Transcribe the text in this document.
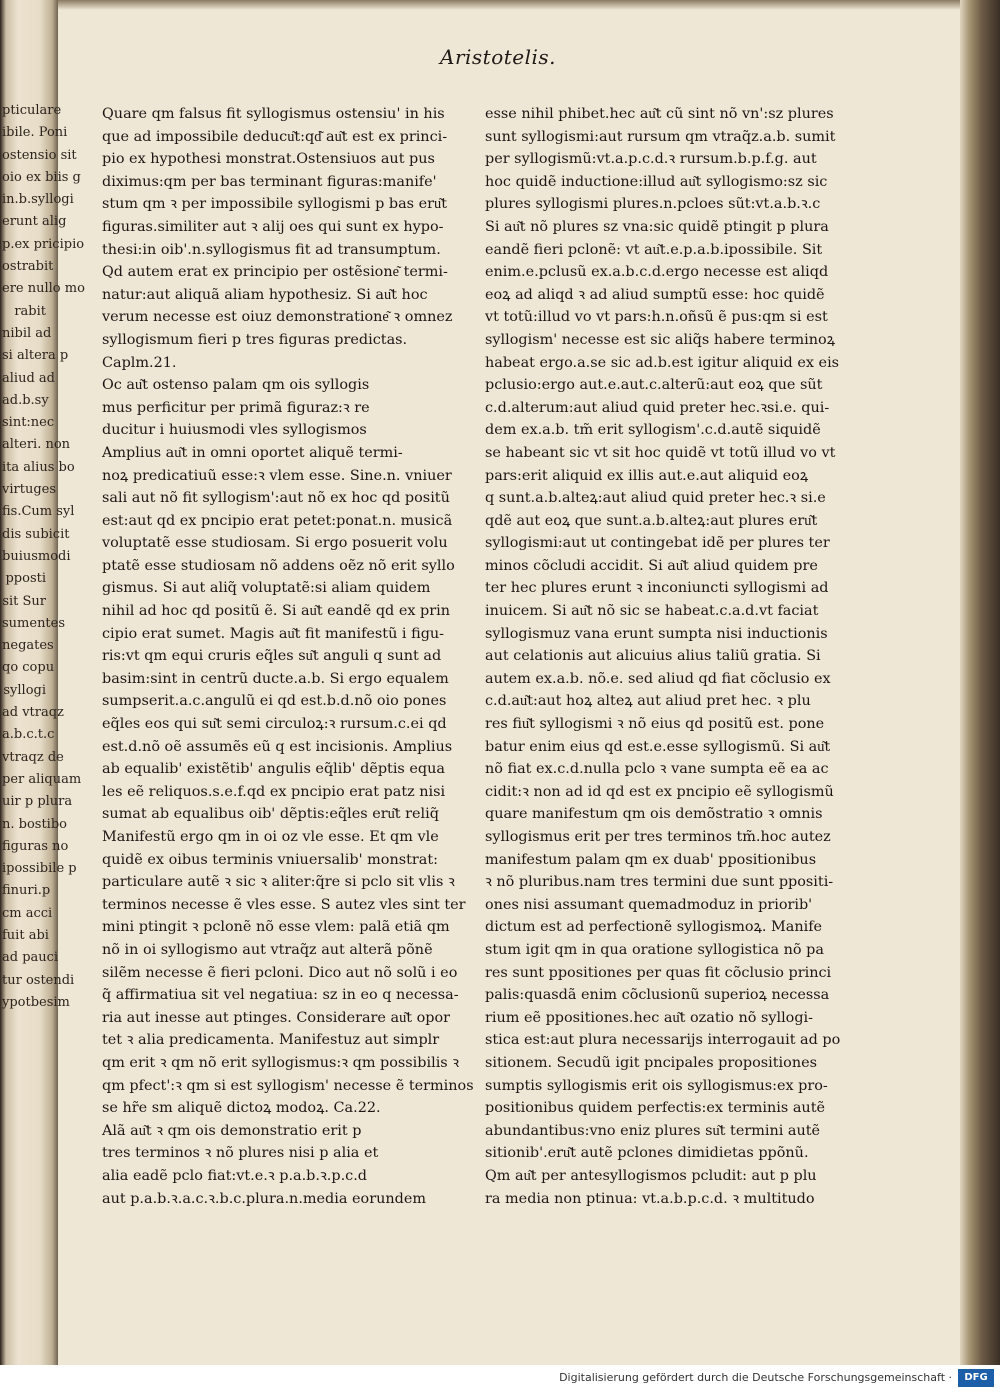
pticulare
ibile. Poni
ostensio sit
oio ex biis g
in.b.syllogi
erunt alig
p.ex pricipio
ostrabit
ere nullo mo
rabit
nibil ad
si altera p
aliud ad
ad.b.sy
sint:nec
alteri. non
ita alius bo
virtuges
fis.Cum syl
dis subicit
buiusmodi
pposti
sit Sur
sumentes
negates
qo copu
syllogi
ad vtraqz
a.b.c.t.c
vtraqz de
per aliquam
uir p plura
n. bostibo
figuras no
ipossibile p
finuri.p
cm acci
fuit abi
ad pauci
tur ostendi
ypotbesim
Aristotelis.
Quare qm falsus fit syllogismus ostensiu' in his
que ad impossibile deducu͂t:qd͂ au͂t est ex princi-
pio ex hypothesi monstrat.Ostensiuos aut pus
diximus:qm per bas terminant figuras:manife'
stum qm ꝛ per impossibile syllogismi p bas eru͂t
figuras.similiter aut ꝛ alij oes qui sunt ex hypo-
thesi:in oib'.n.syllogismus fit ad transumptum.
Qd autem erat ex principio per ostẽsione͂ termi-
natur:aut aliquã aliam hypothesiz. Si au͂t hoc
verum necesse est oiuz demonstratione͂ ꝛ omnez
syllogismum fieri p tres figuras predictas.
Caplm.21.
Oc au͂t ostenso palam qm ois syllogis
mus perficitur per primã figuraz:ꝛ re
ducitur i huiusmodi vles syllogismos
Amplius au͂t in omni oportet aliquẽ termi-
noꝝ predicatiuũ esse:ꝛ vlem esse. Sine.n. vniuer
sali aut nõ fit syllogism':aut nõ ex hoc qd positũ
est:aut qd ex pncipio erat petet:ponat.n. musicã
voluptatẽ esse studiosam. Si ergo posuerit volu
ptatẽ esse studiosam nõ addens oẽz nõ erit syllo
gismus. Si aut aliq̃ voluptatẽ:si aliam quidem
nihil ad hoc qd positũ ẽ. Si au͂t eandẽ qd ex prin
cipio erat sumet. Magis au͂t fit manifestũ i figu-
ris:vt qm equi cruris eq̃les su͂t anguli q sunt ad
basim:sint in centrũ ducte.a.b. Si ergo equalem
sumpserit.a.c.angulũ ei qd est.b.d.nõ oio pones
eq̃les eos qui su͂t semi circuloꝝ:ꝛ rursum.c.ei qd
est.d.nõ oẽ assumẽs eũ q est incisionis. Amplius
ab equalib' existẽtib' angulis eq̃lib' dẽptis equa
les eẽ reliquos.s.e.f.qd ex pncipio erat patz nisi
sumat ab equalibus oib' dẽptis:eq̃les eru͂t reliq̃
Manifestũ ergo qm in oi oz vle esse. Et qm vle
quidẽ ex oibus terminis vniuersalib' monstrat:
particulare autẽ ꝛ sic ꝛ aliter:q̃re si pclo sit vlis ꝛ
terminos necesse ẽ vles esse. S autez vles sint ter
mini ptingit ꝛ pclonẽ nõ esse vlem: palã etiã qm
nõ in oi syllogismo aut vtraq̃z aut alterã põnẽ
silẽm necesse ẽ fieri pcloni. Dico aut nõ solũ i eo
q̃ affirmatiua sit vel negatiua: sz in eo q necessa-
ria aut inesse aut ptinges. Considerare au͂t opor
tet ꝛ alia predicamenta. Manifestuz aut simplr
qm erit ꝛ qm nõ erit syllogismus:ꝛ qm possibilis ꝛ
qm pfect':ꝛ qm si est syllogism' necesse ẽ terminos
se hr̃e sm aliquẽ dictoꝝ modoꝝ. Ca.22.
Alã au͂t ꝛ qm ois demonstratio erit p
tres terminos ꝛ nõ plures nisi p alia et
alia eadẽ pclo fiat:vt.e.ꝛ p.a.b.ꝛ.p.c.d
aut p.a.b.ꝛ.a.c.ꝛ.b.c.plura.n.media eorundem
esse nihil phibet.hec au͂t cũ sint nõ vn':sz plures
sunt syllogismi:aut rursum qm vtraq̃z.a.b. sumit
per syllogismũ:vt.a.p.c.d.ꝛ rursum.b.p.f.g. aut
hoc quidẽ inductione:illud au͂t syllogismo:sz sic
plures syllogismi plures.n.pcloes sũt:vt.a.b.ꝛ.c
Si au͂t nõ plures sz vna:sic quidẽ ptingit p plura
eandẽ fieri pclonẽ: vt au͂t.e.p.a.b.ipossibile. Sit
enim.e.pclusũ ex.a.b.c.d.ergo necesse est aliqd
eoꝝ ad aliqd ꝛ ad aliud sumptũ esse: hoc quidẽ
vt totũ:illud vo vt pars:h.n.oñsũ ẽ pus:qm si est
syllogism' necesse est sic aliq̃s habere terminoꝝ
habeat ergo.a.se sic ad.b.est igitur aliquid ex eis
pclusio:ergo aut.e.aut.c.alterũ:aut eoꝝ que sũt
c.d.alterum:aut aliud quid preter hec.ꝛsi.e. qui-
dem ex.a.b. tm̃ erit syllogism'.c.d.autẽ siquidẽ
se habeant sic vt sit hoc quidẽ vt totũ illud vo vt
pars:erit aliquid ex illis aut.e.aut aliquid eoꝝ
q sunt.a.b.alteꝝ:aut aliud quid preter hec.ꝛ si.e
qdẽ aut eoꝝ que sunt.a.b.alteꝝ:aut plures eru͂t
syllogismi:aut ut contingebat idẽ per plures ter
minos cõcludi accidit. Si au͂t aliud quidem pre
ter hec plures erunt ꝛ inconiuncti syllogismi ad
inuicem. Si au͂t nõ sic se habeat.c.a.d.vt faciat
syllogismuz vana erunt sumpta nisi inductionis
aut celationis aut alicuius alius taliũ gratia. Si
autem ex.a.b. nõ.e. sed aliud qd fiat cõclusio ex
c.d.au͂t:aut hoꝝ alteꝝ aut aliud pret hec. ꝛ plu
res fiu͂t syllogismi ꝛ nõ eius qd positũ est. pone
batur enim eius qd est.e.esse syllogismũ. Si au͂t
nõ fiat ex.c.d.nulla pclo ꝛ vane sumpta eẽ ea ac
cidit:ꝛ non ad id qd est ex pncipio eẽ syllogismũ
quare manifestum qm ois demõstratio ꝛ omnis
syllogismus erit per tres terminos tm̃.hoc autez
manifestum palam qm ex duab' ppositionibus
ꝛ nõ pluribus.nam tres termini due sunt ppositi-
ones nisi assumant quemadmoduz in priorib'
dictum est ad perfectionẽ syllogismoꝝ. Manife
stum igit qm in qua oratione syllogistica nõ pa
res sunt ppositiones per quas fit cõclusio princi
palis:quasdã enim cõclusionũ superioꝝ necessa
rium eẽ ppositiones.hec au͂t ozatio nõ syllogi-
stica est:aut plura necessarijs interrogauit ad po
sitionem. Secudũ igit pncipales propositiones
sumptis syllogismis erit ois syllogismus:ex pro-
positionibus quidem perfectis:ex terminis autẽ
abundantibus:vno eniz plures su͂t termini autẽ
sitionib'.eru͂t autẽ pclones dimidietas ppõnũ.
Qm au͂t per antesyllogismos pcludit: aut p plu
ra media non ptinua: vt.a.b.p.c.d. ꝛ multitudo
Digitalisierung gefördert durch die Deutsche Forschungsgemeinschaft ·	DFG
